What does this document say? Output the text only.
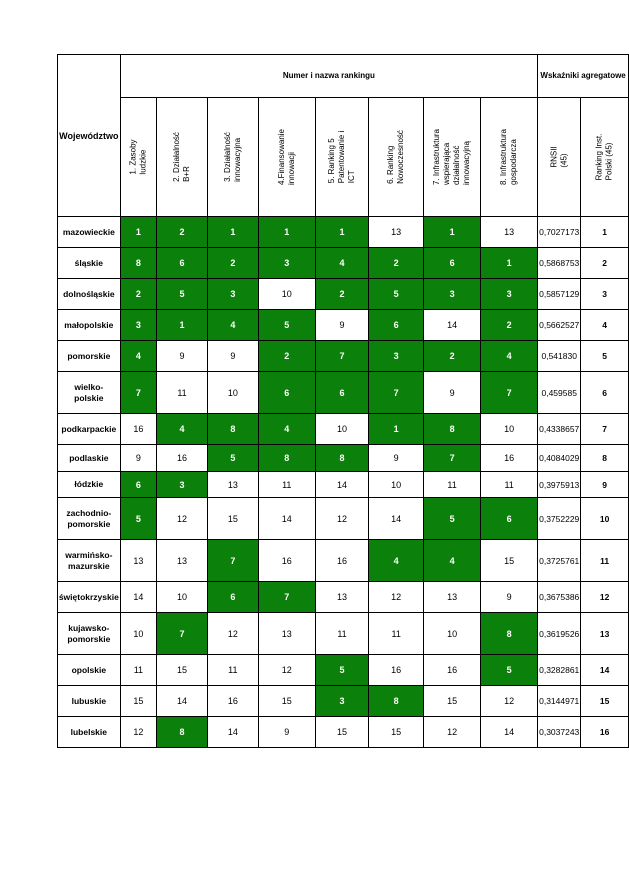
Województwo	Numer i nazwa rankingu								Wskaźniki agregatowe	

	1. Zasoby ludzkie	2. Działalność B+R	3. Działalność innowacyjna	4.Finansowanie innowacji	5. Ranking 5 Patentowanie i ICT	6. Ranking Nowoczesność	7. Infrastruktura wspierająca działalność innowacyjną	8. Infrastruktura gospodarcza	RNSII (45)	Ranking Inst. Polski (45)

mazowieckie	1	2	1	1	1	13	1	13	0,7027173	1

śląskie	8	6	2	3	4	2	6	1	0,5868753	2

dolnośląskie	2	5	3	10	2	5	3	3	0,5857129	3

małopolskie	3	1	4	5	9	6	14	2	0,5662527	4

pomorskie	4	9	9	2	7	3	2	4	0,541830	5

wielko-
polskie	7	11	10	6	6	7	9	7	0,459585	6

podkarpackie	16	4	8	4	10	1	8	10	0,4338657	7

podlaskie	9	16	5	8	8	9	7	16	0,4084029	8

łódzkie	6	3	13	11	14	10	11	11	0,3975913	9

zachodnio-
pomorskie	5	12	15	14	12	14	5	6	0,3752229	10

warmińsko-
mazurskie	13	13	7	16	16	4	4	15	0,3725761	11

świętokrzyskie	14	10	6	7	13	12	13	9	0,3675386	12

kujawsko-
pomorskie	10	7	12	13	11	11	10	8	0,3619526	13

opolskie	11	15	11	12	5	16	16	5	0,3282861	14

lubuskie	15	14	16	15	3	8	15	12	0,3144971	15

lubelskie	12	8	14	9	15	15	12	14	0,3037243	16
